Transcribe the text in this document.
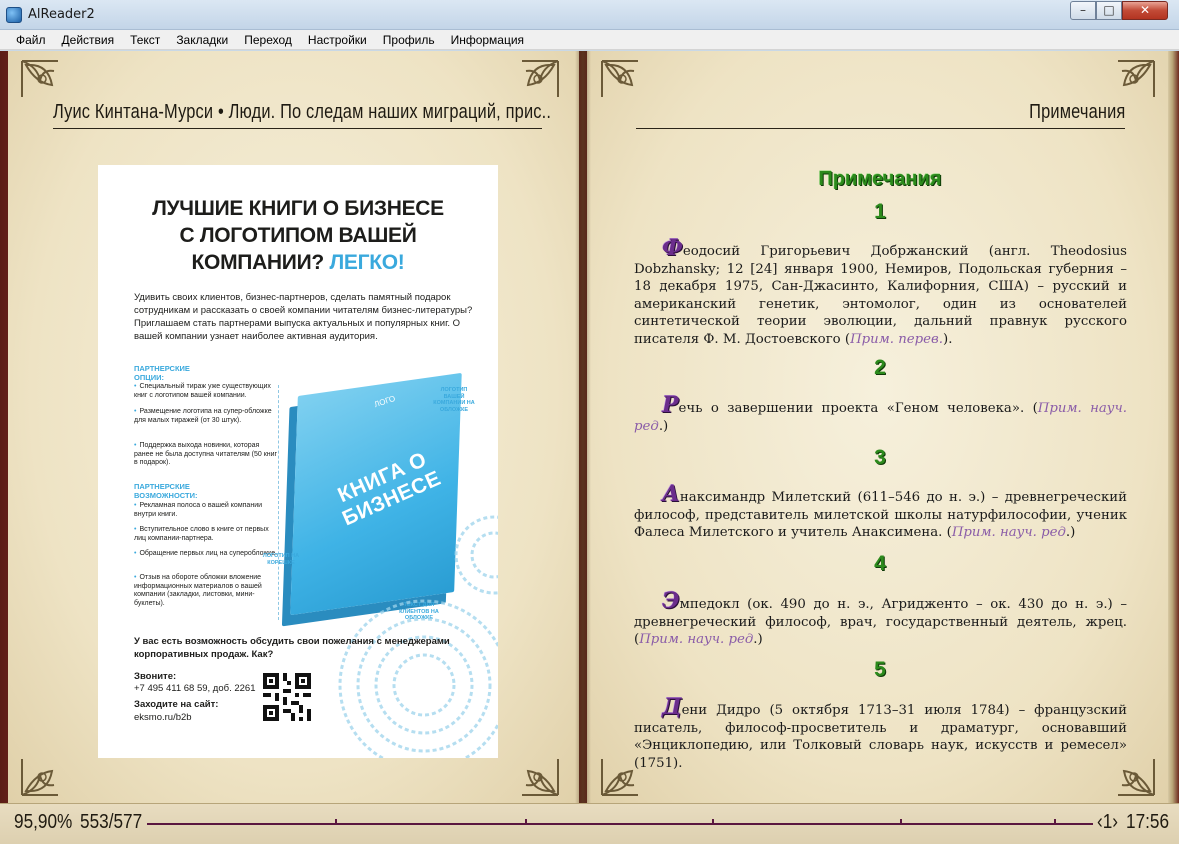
AlReader2	–	□	✕
Файл	Действия	Текст	Закладки	Переход	Настройки	Профиль	Информация
Луис Кинтана-Мурси • Люди. По следам наших миграций, прис..	Примечания
ЛУЧШИЕ КНИГИ О БИЗНЕСЕ
С ЛОГОТИПОМ ВАШЕЙ
КОМПАНИИ? ЛЕГКО!
Удивить своих клиентов, бизнес-партнеров, сделать памятный подарок сотрудникам и рассказать о своей компании читателям бизнес-литературы? Приглашаем стать партнерами выпуска актуальных и популярных книг. О вашей компании узнает наиболее активная аудитория.
ПАРТНЕРСКИЕ ОПЦИИ:
• Специальный тираж уже существующих книг с логотипом вашей компании.
• Размещение логотипа на супер-обложке для малых тиражей (от 30 штук).
• Поддержка выхода новинки, которая ранее не была доступна читателям (50 книг в подарок).
ПАРТНЕРСКИЕ ВОЗМОЖНОСТИ:
• Рекламная полоса о вашей компании внутри книги.
• Вступительное слово в книге от первых лиц компании-партнера.
• Обращение первых лиц на суперобложке.
• Отзыв на обороте обложки вложение информационных материалов о вашей компании (закладки, листовки, мини-буклеты).
ЛОГО
КНИГА О БИЗНЕСЕ
ЛОГОТИП ВАШЕЙ КОМПАНИИ НА ОБЛОЖКЕ
ЛОГОТИП НА КОРЕШКЕ
ТЕКСТ ДЛЯ КЛИЕНТОВ НА ОБЛОЖКЕ
У вас есть возможность обсудить свои пожелания с менеджерами корпоративных продаж. Как?
Звоните:
+7 495 411 68 59, доб. 2261
Заходите на сайт:
eksmo.ru/b2b
Примечания
1
Феодосий Григорьевич Добржанский (англ. Theodosius Dobzhansky; 12 [24] января 1900, Немиров, Подольская губерния – 18 декабря 1975, Сан-Джасинто, Калифорния, США) – русский и американский генетик, энтомолог, один из основателей синтетической теории эволюции, дальний правнук русского писателя Ф. М. Достоевского (Прим. перев.).
2
Речь о завершении проекта «Геном человека». (Прим. науч. ред.)
3
Анаксимандр Милетский (611–546 до н. э.) – древнегреческий философ, представитель милетской школы натурфилософии, ученик Фалеса Милетского и учитель Анаксимена. (Прим. науч. ред.)
4
Эмпедокл (ок. 490 до н. э., Агридженто – ок. 430 до н. э.) – древнегреческий философ, врач, государственный деятель, жрец. (Прим. науч. ред.)
5
Дени Дидро (5 октября 1713–31 июля 1784) – французский писатель, философ-просветитель и драматург, основавший «Энциклопедию, или Толковый словарь наук, искусств и ремесел» (1751).
95,90% 553/577	‹1› 17:56
